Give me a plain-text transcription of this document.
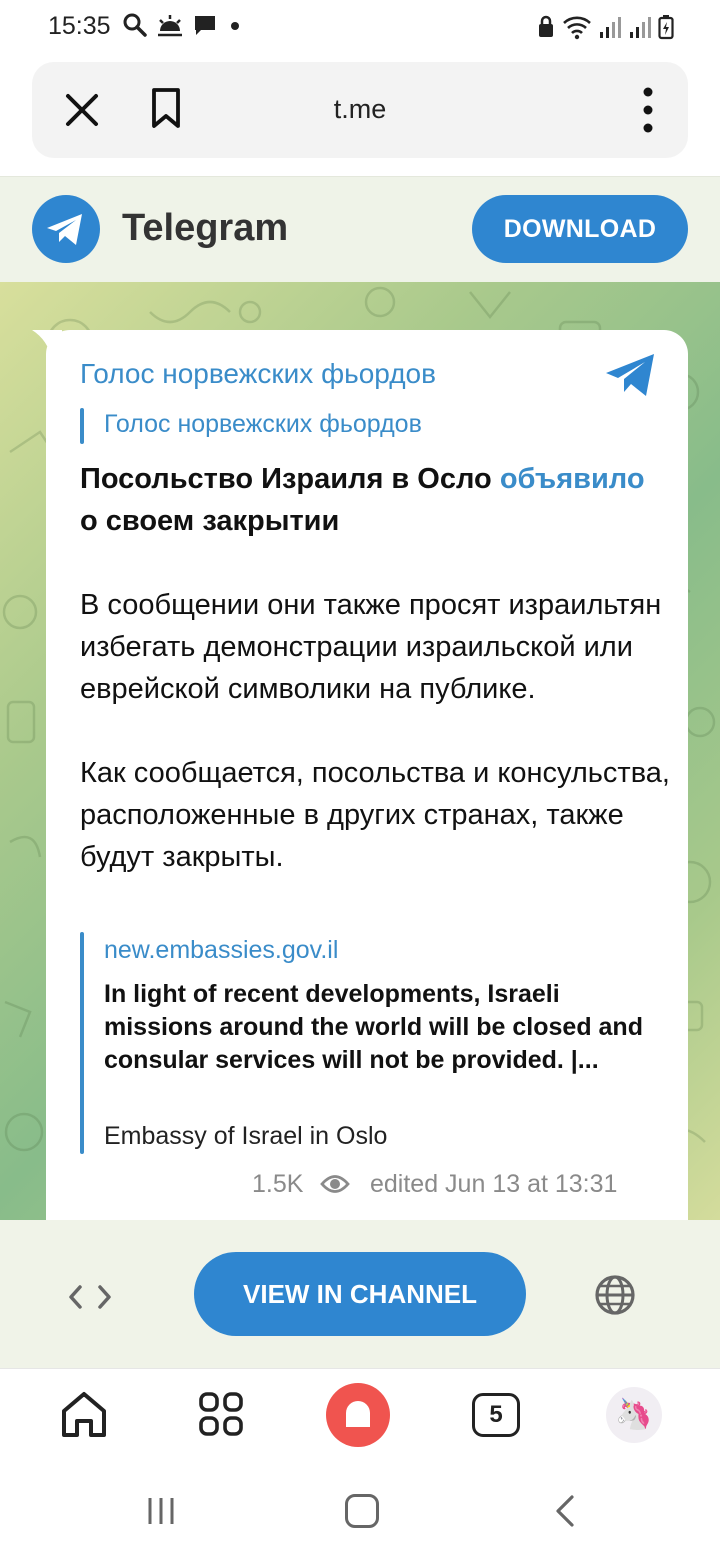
15:35
t.me
Telegram	DOWNLOAD
Голос норвежских фьордов
Голос норвежских фьордов
Посольство Израиля в Осло объявило о своем закрытии
В сообщении они также просят израильтян избегать демонстрации израильской или еврейской символики на публике.
Как сообщается, посольства и консульства, расположенные в других странах, также будут закрыты.
new.embassies.gov.il
In light of recent developments, Israeli missions around the world will be closed and consular services will not be provided. |...
Embassy of Israel in Oslo
1.5K	edited Jun 13 at 13:31
VIEW IN CHANNEL
5	🦄
